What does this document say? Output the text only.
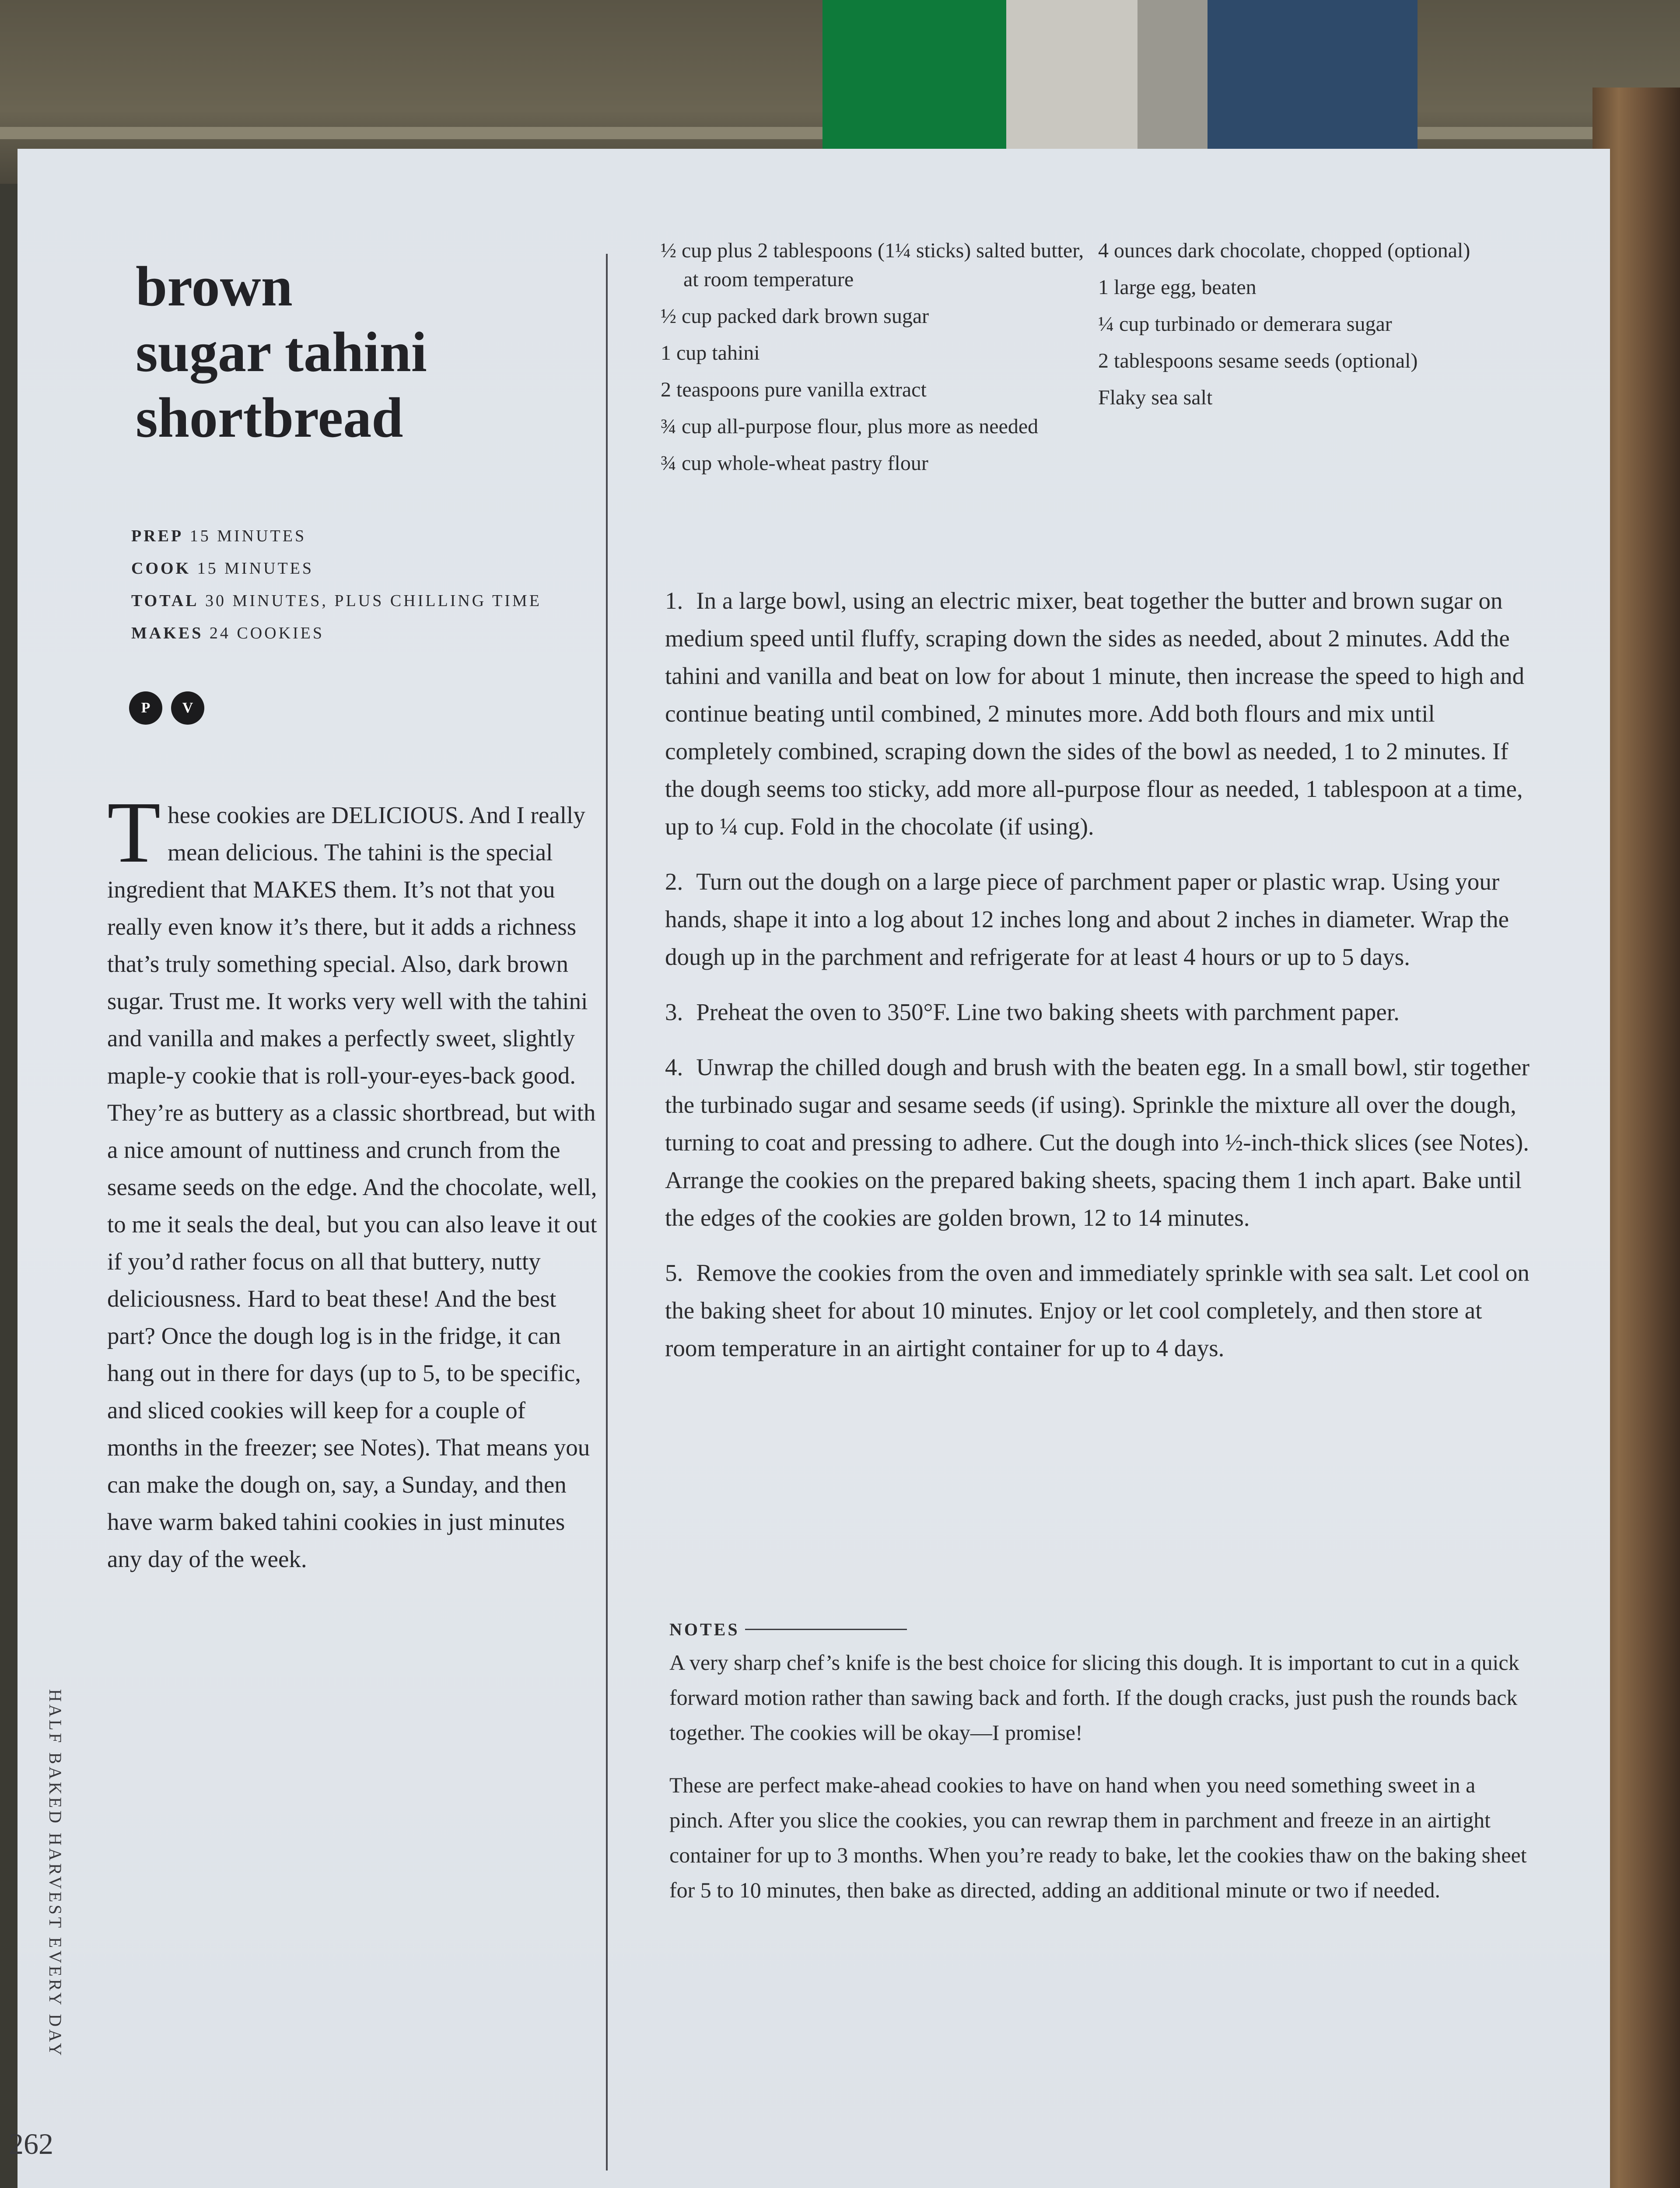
brown
sugar tahini
shortbread
PREP 15 MINUTES
COOK 15 MINUTES
TOTAL 30 MINUTES, PLUS CHILLING TIME
MAKES 24 COOKIES
P V
T hese cookies are DELICIOUS. And I really mean delicious. The tahini is the special ingredient that MAKES them. It’s not that you really even know it’s there, but it adds a richness that’s truly something special. Also, dark brown sugar. Trust me. It works very well with the tahini and vanilla and makes a perfectly sweet, slightly maple-y cookie that is roll-your-eyes-back good. They’re as buttery as a classic shortbread, but with a nice amount of nuttiness and crunch from the sesame seeds on the edge. And the chocolate, well, to me it seals the deal, but you can also leave it out if you’d rather focus on all that buttery, nutty deliciousness. Hard to beat these! And the best part? Once the dough log is in the fridge, it can hang out in there for days (up to 5, to be specific, and sliced cookies will keep for a couple of months in the freezer; see Notes). That means you can make the dough on, say, a Sunday, and then have warm baked tahini cookies in just minutes any day of the week.
HALF BAKED HARVEST EVERY DAY
262
½ cup plus 2 tablespoons (1¼ sticks) salted butter, at room temperature
½ cup packed dark brown sugar
1 cup tahini
2 teaspoons pure vanilla extract
¾ cup all-purpose flour, plus more as needed
¾ cup whole-wheat pastry flour
4 ounces dark chocolate, chopped (optional)
1 large egg, beaten
¼ cup turbinado or demerara sugar
2 tablespoons sesame seeds (optional)
Flaky sea salt

1. In a large bowl, using an electric mixer, beat together the butter and brown sugar on medium speed until fluffy, scraping down the sides as needed, about 2 minutes. Add the tahini and vanilla and beat on low for about 1 minute, then increase the speed to high and continue beating until combined, 2 minutes more. Add both flours and mix until completely combined, scraping down the sides of the bowl as needed, 1 to 2 minutes. If the dough seems too sticky, add more all-purpose flour as needed, 1 tablespoon at a time, up to ¼ cup. Fold in the chocolate (if using).

2. Turn out the dough on a large piece of parchment paper or plastic wrap. Using your hands, shape it into a log about 12 inches long and about 2 inches in diameter. Wrap the dough up in the parchment and refrigerate for at least 4 hours or up to 5 days.

3. Preheat the oven to 350°F. Line two baking sheets with parchment paper.

4. Unwrap the chilled dough and brush with the beaten egg. In a small bowl, stir together the turbinado sugar and sesame seeds (if using). Sprinkle the mixture all over the dough, turning to coat and pressing to adhere. Cut the dough into ½-inch-thick slices (see Notes). Arrange the cookies on the prepared baking sheets, spacing them 1 inch apart. Bake until the edges of the cookies are golden brown, 12 to 14 minutes.

5. Remove the cookies from the oven and immediately sprinkle with sea salt. Let cool on the baking sheet for about 10 minutes. Enjoy or let cool completely, and then store at room temperature in an airtight container for up to 4 days.

NOTES

A very sharp chef’s knife is the best choice for slicing this dough. It is important to cut in a quick forward motion rather than sawing back and forth. If the dough cracks, just push the rounds back together. The cookies will be okay—I promise!

These are perfect make-ahead cookies to have on hand when you need something sweet in a pinch. After you slice the cookies, you can rewrap them in parchment and freeze in an airtight container for up to 3 months. When you’re ready to bake, let the cookies thaw on the baking sheet for 5 to 10 minutes, then bake as directed, adding an additional minute or two if needed.
